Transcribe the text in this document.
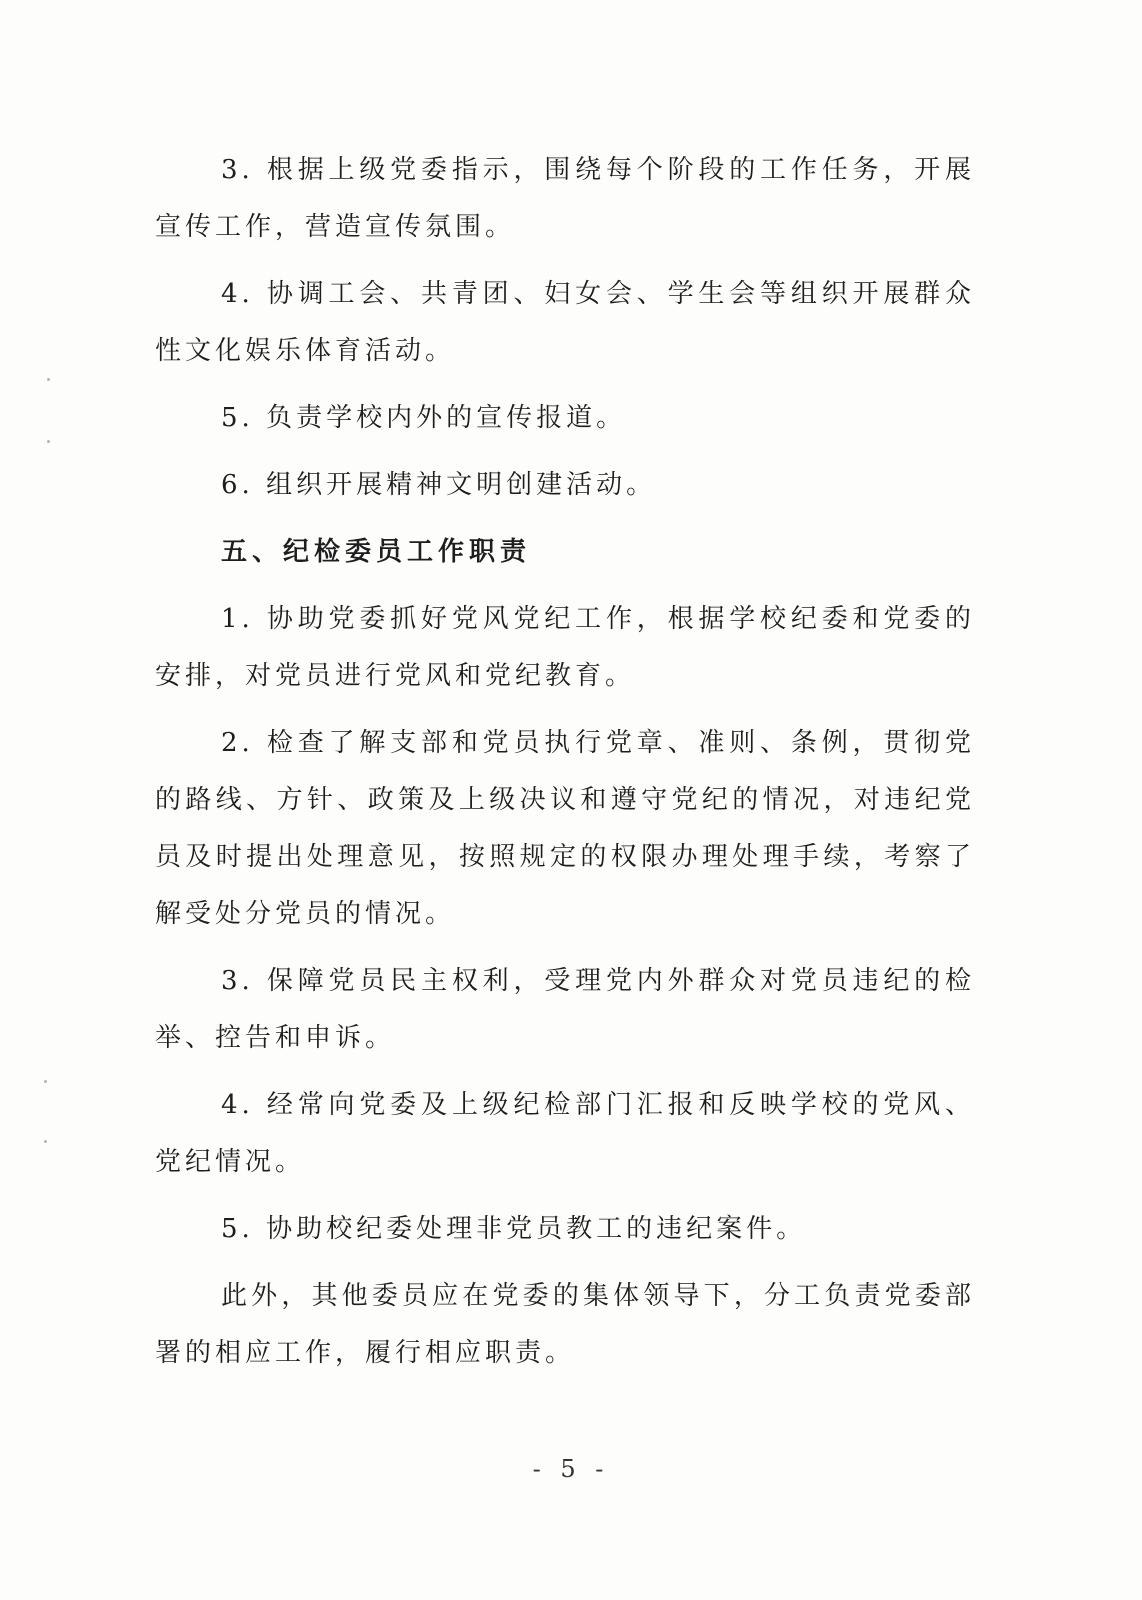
3. 根据上级党委指示，围绕每个阶段的工作任务，开展宣传工作，营造宣传氛围。

4. 协调工会、共青团、妇女会、学生会等组织开展群众性文化娱乐体育活动。

5. 负责学校内外的宣传报道。

6. 组织开展精神文明创建活动。

五、纪检委员工作职责

1. 协助党委抓好党风党纪工作，根据学校纪委和党委的安排，对党员进行党风和党纪教育。

2. 检查了解支部和党员执行党章、准则、条例，贯彻党的路线、方针、政策及上级决议和遵守党纪的情况，对违纪党员及时提出处理意见，按照规定的权限办理处理手续，考察了解受处分党员的情况。

3. 保障党员民主权利，受理党内外群众对党员违纪的检举、控告和申诉。

4. 经常向党委及上级纪检部门汇报和反映学校的党风、党纪情况。

5. 协助校纪委处理非党员教工的违纪案件。

此外，其他委员应在党委的集体领导下，分工负责党委部署的相应工作，履行相应职责。

- 5 -
